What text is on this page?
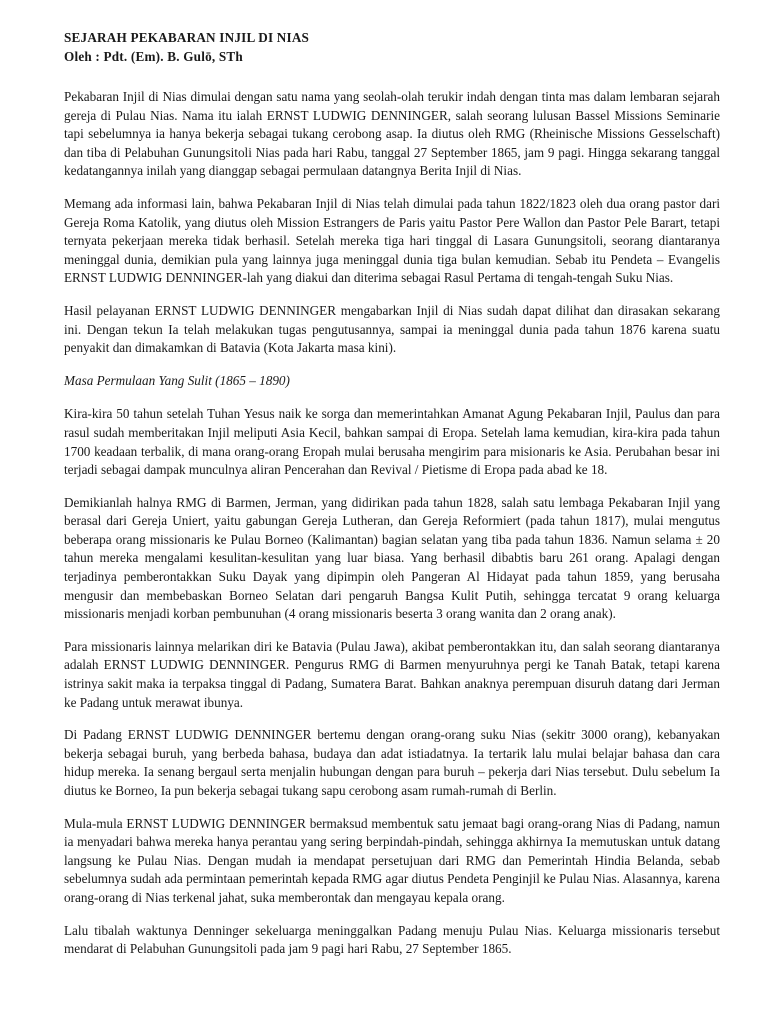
SEJARAH PEKABARAN INJIL DI NIAS

Oleh : Pdt. (Em). B. Gulō, STh

Pekabaran Injil di Nias dimulai dengan satu nama yang seolah-olah terukir indah dengan tinta mas dalam lembaran sejarah gereja di Pulau Nias. Nama itu ialah ERNST LUDWIG DENNINGER, salah seorang lulusan Bassel Missions Seminarie tapi sebelumnya ia hanya bekerja sebagai tukang cerobong asap. Ia diutus oleh RMG (Rheinische Missions Gesselschaft) dan tiba di Pelabuhan Gunungsitoli Nias pada hari Rabu, tanggal 27 September 1865, jam 9 pagi. Hingga sekarang tanggal kedatangannya inilah yang dianggap sebagai permulaan datangnya Berita Injil di Nias.

Memang ada informasi lain, bahwa Pekabaran Injil di Nias telah dimulai pada tahun 1822/1823 oleh dua orang pastor dari Gereja Roma Katolik, yang diutus oleh Mission Estrangers de Paris yaitu Pastor Pere Wallon dan Pastor Pele Barart, tetapi ternyata pekerjaan mereka tidak berhasil. Setelah mereka tiga hari tinggal di Lasara Gunungsitoli, seorang diantaranya meninggal dunia, demikian pula yang lainnya juga meninggal dunia tiga bulan kemudian. Sebab itu Pendeta – Evangelis ERNST LUDWIG DENNINGER-lah yang diakui dan diterima sebagai Rasul Pertama di tengah-tengah Suku Nias.

Hasil pelayanan ERNST LUDWIG DENNINGER mengabarkan Injil di Nias sudah dapat dilihat dan dirasakan sekarang ini. Dengan tekun Ia telah melakukan tugas pengutusannya, sampai ia meninggal dunia pada tahun 1876 karena suatu penyakit dan dimakamkan di Batavia (Kota Jakarta masa kini).

Masa Permulaan Yang Sulit (1865 – 1890)

Kira-kira 50 tahun setelah Tuhan Yesus naik ke sorga dan memerintahkan Amanat Agung Pekabaran Injil, Paulus dan para rasul sudah memberitakan Injil meliputi Asia Kecil, bahkan sampai di Eropa. Setelah lama kemudian, kira-kira pada tahun 1700 keadaan terbalik, di mana orang-orang Eropah mulai berusaha mengirim para misionaris ke Asia. Perubahan besar ini terjadi sebagai dampak munculnya aliran Pencerahan dan Revival / Pietisme di Eropa pada abad ke 18.

Demikianlah halnya RMG di Barmen, Jerman, yang didirikan pada tahun 1828, salah satu lembaga Pekabaran Injil yang berasal dari Gereja Uniert, yaitu gabungan Gereja Lutheran, dan Gereja Reformiert (pada tahun 1817), mulai mengutus beberapa orang missionaris ke Pulau Borneo (Kalimantan) bagian selatan yang tiba pada tahun 1836. Namun selama ± 20 tahun mereka mengalami kesulitan-kesulitan yang luar biasa. Yang berhasil dibabtis baru 261 orang. Apalagi dengan terjadinya pemberontakkan Suku Dayak yang dipimpin oleh Pangeran Al Hidayat pada tahun 1859, yang berusaha mengusir dan membebaskan Borneo Selatan dari pengaruh Bangsa Kulit Putih, sehingga tercatat 9 orang keluarga missionaris menjadi korban pembunuhan (4 orang missionaris beserta 3 orang wanita dan 2 orang anak).

Para missionaris lainnya melarikan diri ke Batavia (Pulau Jawa), akibat pemberontakkan itu, dan salah seorang diantaranya adalah ERNST LUDWIG DENNINGER. Pengurus RMG di Barmen menyuruhnya pergi ke Tanah Batak, tetapi karena istrinya sakit maka ia terpaksa tinggal di Padang, Sumatera Barat. Bahkan anaknya perempuan disuruh datang dari Jerman ke Padang untuk merawat ibunya.

Di Padang ERNST LUDWIG DENNINGER bertemu dengan orang-orang suku Nias (sekitr 3000 orang), kebanyakan bekerja sebagai buruh, yang berbeda bahasa, budaya dan adat istiadatnya. Ia tertarik lalu mulai belajar bahasa dan cara hidup mereka. Ia senang bergaul serta menjalin hubungan dengan para buruh – pekerja dari Nias tersebut. Dulu sebelum Ia diutus ke Borneo, Ia pun bekerja sebagai tukang sapu cerobong asam rumah-rumah di Berlin.

Mula-mula ERNST LUDWIG DENNINGER bermaksud membentuk satu jemaat bagi orang-orang Nias di Padang, namun ia menyadari bahwa mereka hanya perantau yang sering berpindah-pindah, sehingga akhirnya Ia memutuskan untuk datang langsung ke Pulau Nias. Dengan mudah ia mendapat persetujuan dari RMG dan Pemerintah Hindia Belanda, sebab sebelumnya sudah ada permintaan pemerintah kepada RMG agar diutus Pendeta Penginjil ke Pulau Nias. Alasannya, karena orang-orang di Nias terkenal jahat, suka memberontak dan mengayau kepala orang.

Lalu tibalah waktunya Denninger sekeluarga meninggalkan Padang menuju Pulau Nias. Keluarga missionaris tersebut mendarat di Pelabuhan Gunungsitoli pada jam 9 pagi hari Rabu, 27 September 1865.
